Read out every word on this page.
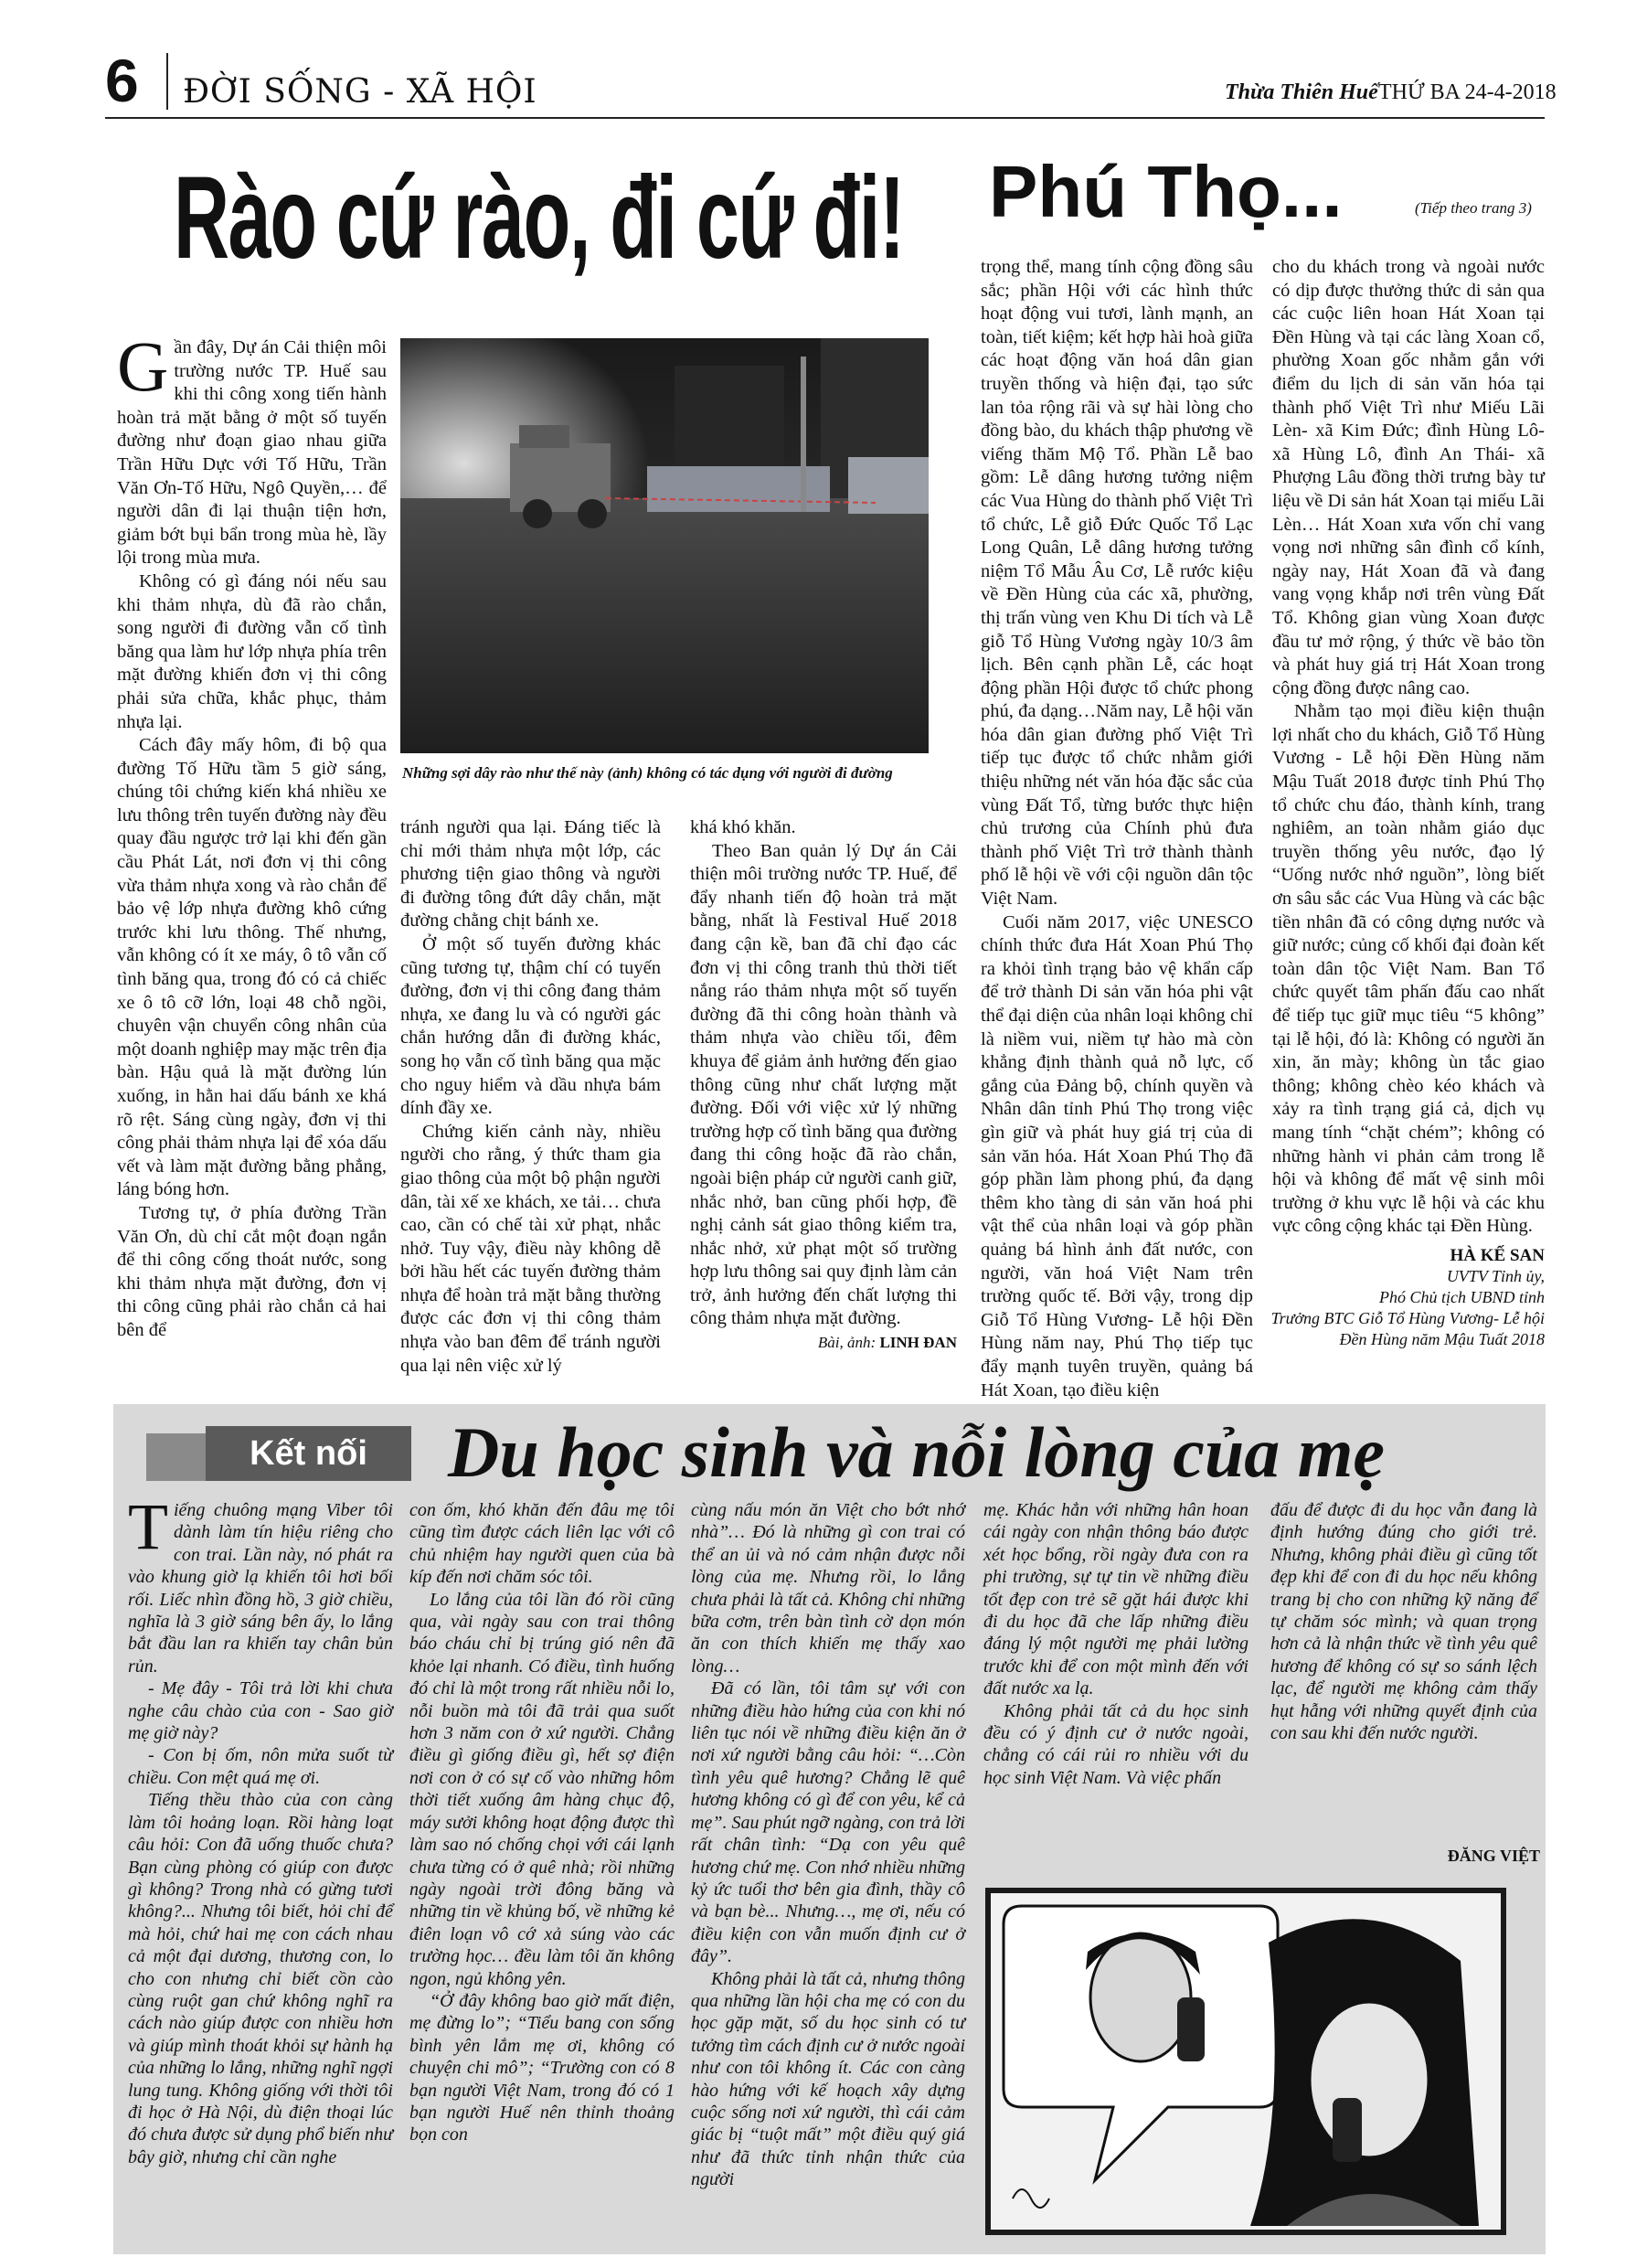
6 ĐỜI SỐNG - XÃ HỘI	Thừa Thiên Huế THỨ BA 24-4-2018
Rào cứ rào, đi cứ đi!

Gần đây, Dự án Cải thiện môi trường nước TP. Huế sau khi thi công xong tiến hành hoàn trả mặt bằng ở một số tuyến đường như đoạn giao nhau giữa Trần Hữu Dực với Tố Hữu, Trần Văn Ơn-Tố Hữu, Ngô Quyền,… để người dân đi lại thuận tiện hơn, giảm bớt bụi bẩn trong mùa hè, lầy lội trong mùa mưa.

Không có gì đáng nói nếu sau khi thảm nhựa, dù đã rào chắn, song người đi đường vẫn cố tình băng qua làm hư lớp nhựa phía trên mặt đường khiến đơn vị thi công phải sửa chữa, khắc phục, thảm nhựa lại.

Cách đây mấy hôm, đi bộ qua đường Tố Hữu tầm 5 giờ sáng, chúng tôi chứng kiến khá nhiều xe lưu thông trên tuyến đường này đều quay đầu ngược trở lại khi đến gần cầu Phát Lát, nơi đơn vị thi công vừa thảm nhựa xong và rào chắn để bảo vệ lớp nhựa đường khô cứng trước khi lưu thông. Thế nhưng, vẫn không có ít xe máy, ô tô vẫn cố tình băng qua, trong đó có cả chiếc xe ô tô cỡ lớn, loại 48 chỗ ngồi, chuyên vận chuyển công nhân của một doanh nghiệp may mặc trên địa bàn. Hậu quả là mặt đường lún xuống, in hằn hai dấu bánh xe khá rõ rệt. Sáng cùng ngày, đơn vị thi công phải thảm nhựa lại để xóa dấu vết và làm mặt đường bằng phẳng, láng bóng hơn.

Tương tự, ở phía đường Trần Văn Ơn, dù chỉ cắt một đoạn ngắn để thi công cống thoát nước, song khi thảm nhựa mặt đường, đơn vị thi công cũng phải rào chắn cả hai bên để

Những sợi dây rào như thế này (ảnh) không có tác dụng với người đi đường

tránh người qua lại. Đáng tiếc là chỉ mới thảm nhựa một lớp, các phương tiện giao thông và người đi đường tông đứt dây chắn, mặt đường chằng chịt bánh xe.

Ở một số tuyến đường khác cũng tương tự, thậm chí có tuyến đường, đơn vị thi công đang thảm nhựa, xe đang lu và có người gác chắn hướng dẫn đi đường khác, song họ vẫn cố tình băng qua mặc cho nguy hiểm và dầu nhựa bám dính đầy xe.

Chứng kiến cảnh này, nhiều người cho rằng, ý thức tham gia giao thông của một bộ phận người dân, tài xế xe khách, xe tải… chưa cao, cần có chế tài xử phạt, nhắc nhở. Tuy vậy, điều này không dễ bởi hầu hết các tuyến đường thảm nhựa để hoàn trả mặt bằng thường được các đơn vị thi công thảm nhựa vào ban đêm để tránh người qua lại nên việc xử lý

khá khó khăn.

Theo Ban quản lý Dự án Cải thiện môi trường nước TP. Huế, để đẩy nhanh tiến độ hoàn trả mặt bằng, nhất là Festival Huế 2018 đang cận kề, ban đã chỉ đạo các đơn vị thi công tranh thủ thời tiết nắng ráo thảm nhựa một số tuyến đường đã thi công hoàn thành và thảm nhựa vào chiều tối, đêm khuya để giảm ảnh hưởng đến giao thông cũng như chất lượng mặt đường. Đối với việc xử lý những trường hợp cố tình băng qua đường đang thi công hoặc đã rào chắn, ngoài biện pháp cử người canh giữ, nhắc nhở, ban cũng phối hợp, đề nghị cảnh sát giao thông kiểm tra, nhắc nhở, xử phạt một số trường hợp lưu thông sai quy định làm cản trở, ảnh hưởng đến chất lượng thi công thảm nhựa mặt đường.

Bài, ảnh: LINH ĐAN
Phú Thọ...	(Tiếp theo trang 3)

trọng thể, mang tính cộng đồng sâu sắc; phần Hội với các hình thức hoạt động vui tươi, lành mạnh, an toàn, tiết kiệm; kết hợp hài hoà giữa các hoạt động văn hoá dân gian truyền thống và hiện đại, tạo sức lan tỏa rộng rãi và sự hài lòng cho đồng bào, du khách thập phương về viếng thăm Mộ Tổ. Phần Lễ bao gồm: Lễ dâng hương tưởng niệm các Vua Hùng do thành phố Việt Trì tổ chức, Lễ giỗ Đức Quốc Tổ Lạc Long Quân, Lễ dâng hương tưởng niệm Tổ Mẫu Âu Cơ, Lễ rước kiệu về Đền Hùng của các xã, phường, thị trấn vùng ven Khu Di tích và Lễ giỗ Tổ Hùng Vương ngày 10/3 âm lịch. Bên cạnh phần Lễ, các hoạt động phần Hội được tổ chức phong phú, đa dạng…Năm nay, Lễ hội văn hóa dân gian đường phố Việt Trì tiếp tục được tổ chức nhằm giới thiệu những nét văn hóa đặc sắc của vùng Đất Tổ, từng bước thực hiện chủ trương của Chính phủ đưa thành phố Việt Trì trở thành thành phố lễ hội về với cội nguồn dân tộc Việt Nam.

Cuối năm 2017, việc UNESCO chính thức đưa Hát Xoan Phú Thọ ra khỏi tình trạng bảo vệ khẩn cấp để trở thành Di sản văn hóa phi vật thể đại diện của nhân loại không chỉ là niềm vui, niềm tự hào mà còn khẳng định thành quả nỗ lực, cố gắng của Đảng bộ, chính quyền và Nhân dân tỉnh Phú Thọ trong việc gìn giữ và phát huy giá trị của di sản văn hóa. Hát Xoan Phú Thọ đã góp phần làm phong phú, đa dạng thêm kho tàng di sản văn hoá phi vật thể của nhân loại và góp phần quảng bá hình ảnh đất nước, con người, văn hoá Việt Nam trên trường quốc tế. Bởi vậy, trong dịp Giỗ Tổ Hùng Vương- Lễ hội Đền Hùng năm nay, Phú Thọ tiếp tục đẩy mạnh tuyên truyền, quảng bá Hát Xoan, tạo điều kiện

cho du khách trong và ngoài nước có dịp được thưởng thức di sản qua các cuộc liên hoan Hát Xoan tại Đền Hùng và tại các làng Xoan cổ, phường Xoan gốc nhằm gắn với điểm du lịch di sản văn hóa tại thành phố Việt Trì như Miếu Lãi Lèn- xã Kim Đức; đình Hùng Lô- xã Hùng Lô, đình An Thái- xã Phượng Lâu đồng thời trưng bày tư liệu về Di sản hát Xoan tại miếu Lãi Lèn… Hát Xoan xưa vốn chỉ vang vọng nơi những sân đình cổ kính, ngày nay, Hát Xoan đã và đang vang vọng khắp nơi trên vùng Đất Tổ. Không gian vùng Xoan được đầu tư mở rộng, ý thức về bảo tồn và phát huy giá trị Hát Xoan trong cộng đồng được nâng cao.

Nhằm tạo mọi điều kiện thuận lợi nhất cho du khách, Giỗ Tổ Hùng Vương - Lễ hội Đền Hùng năm Mậu Tuất 2018 được tỉnh Phú Thọ tổ chức chu đáo, thành kính, trang nghiêm, an toàn nhằm giáo dục truyền thống yêu nước, đạo lý “Uống nước nhớ nguồn”, lòng biết ơn sâu sắc các Vua Hùng và các bậc tiền nhân đã có công dựng nước và giữ nước; củng cố khối đại đoàn kết toàn dân tộc Việt Nam. Ban Tổ chức quyết tâm phấn đấu cao nhất để tiếp tục giữ mục tiêu “5 không” tại lễ hội, đó là: Không có người ăn xin, ăn mày; không ùn tắc giao thông; không chèo kéo khách và xảy ra tình trạng giá cả, dịch vụ mang tính “chặt chém”; không có những hành vi phản cảm trong lễ hội và không để mất vệ sinh môi trường ở khu vực lễ hội và các khu vực công cộng khác tại Đền Hùng.

HÀ KẾ SAN
UVTV Tỉnh ủy,
Phó Chủ tịch UBND tỉnh
Trưởng BTC Giỗ Tổ Hùng Vương- Lễ hội Đền Hùng năm Mậu Tuất 2018
Kết nối	Du học sinh và nỗi lòng của mẹ

Tiếng chuông mạng Viber tôi dành làm tín hiệu riêng cho con trai. Lần này, nó phát ra vào khung giờ lạ khiến tôi hơi bối rối. Liếc nhìn đồng hồ, 3 giờ chiều, nghĩa là 3 giờ sáng bên ấy, lo lắng bắt đầu lan ra khiến tay chân bủn rủn.

- Mẹ đây - Tôi trả lời khi chưa nghe câu chào của con - Sao giờ mẹ giờ này?

- Con bị ốm, nôn mửa suốt từ chiều. Con mệt quá mẹ ơi.

Tiếng thều thào của con càng làm tôi hoảng loạn. Rồi hàng loạt câu hỏi: Con đã uống thuốc chưa? Bạn cùng phòng có giúp con được gì không? Trong nhà có gừng tươi không?... Nhưng tôi biết, hỏi chỉ để mà hỏi, chứ hai mẹ con cách nhau cả một đại dương, thương con, lo cho con nhưng chỉ biết cồn cào cùng ruột gan chứ không nghĩ ra cách nào giúp được con nhiều hơn và giúp mình thoát khỏi sự hành hạ của những lo lắng, những nghĩ ngợi lung tung. Không giống với thời tôi đi học ở Hà Nội, dù điện thoại lúc đó chưa được sử dụng phổ biến như bây giờ, nhưng chỉ cần nghe

con ốm, khó khăn đến đâu mẹ tôi cũng tìm được cách liên lạc với cô chủ nhiệm hay người quen của bà kíp đến nơi chăm sóc tôi.

Lo lắng của tôi lần đó rồi cũng qua, vài ngày sau con trai thông báo cháu chỉ bị trúng gió nên đã khỏe lại nhanh. Có điều, tình huống đó chỉ là một trong rất nhiều nỗi lo, nỗi buồn mà tôi đã trải qua suốt hơn 3 năm con ở xứ người. Chẳng điều gì giống điều gì, hết sợ điện nơi con ở có sự cố vào những hôm thời tiết xuống âm hàng chục độ, máy sưởi không hoạt động được thì làm sao nó chống chọi với cái lạnh chưa từng có ở quê nhà; rồi những ngày ngoài trời đông băng và những tin về khủng bố, về những kẻ điên loạn vô cớ xả súng vào các trường học… đều làm tôi ăn không ngon, ngủ không yên.

“Ở đây không bao giờ mất điện, mẹ đừng lo”; “Tiểu bang con sống bình yên lắm mẹ ơi, không có chuyện chi mô”; “Trường con có 8 bạn người Việt Nam, trong đó có 1 bạn người Huế nên thỉnh thoảng bọn con

cùng nấu món ăn Việt cho bớt nhớ nhà”… Đó là những gì con trai có thể an ủi và nó cảm nhận được nỗi lòng của mẹ. Nhưng rồi, lo lắng chưa phải là tất cả. Không chỉ những bữa cơm, trên bàn tình cờ dọn món ăn con thích khiến mẹ thấy xao lòng…

Đã có lần, tôi tâm sự với con những điều hào hứng của con khi nó liên tục nói về những điều kiện ăn ở nơi xứ người bằng câu hỏi: “…Còn tình yêu quê hương? Chẳng lẽ quê hương không có gì để con yêu, kể cả mẹ”. Sau phút ngỡ ngàng, con trả lời rất chân tình: “Dạ con yêu quê hương chứ mẹ. Con nhớ nhiều những kỷ ức tuổi thơ bên gia đình, thầy cô và bạn bè... Nhưng…, mẹ ơi, nếu có điều kiện con vẫn muốn định cư ở đây”.

Không phải là tất cả, nhưng thông qua những lần hội cha mẹ có con du học gặp mặt, số du học sinh có tư tưởng tìm cách định cư ở nước ngoài như con tôi không ít. Các con càng hào hứng với kế hoạch xây dựng cuộc sống nơi xứ người, thì cái cảm giác bị “tuột mất” một điều quý giá như đã thức tỉnh nhận thức của người

mẹ. Khác hẳn với những hân hoan cái ngày con nhận thông báo được xét học bổng, rồi ngày đưa con ra phi trường, sự tự tin về những điều tốt đẹp con trẻ sẽ gặt hái được khi đi du học đã che lấp những điều đáng lý một người mẹ phải lường trước khi để con một mình đến với đất nước xa lạ.

Không phải tất cả du học sinh đều có ý định cư ở nước ngoài, chẳng có cái rủi ro nhiều với du học sinh Việt Nam. Và việc phấn

đấu để được đi du học vẫn đang là định hướng đúng cho giới trẻ. Nhưng, không phải điều gì cũng tốt đẹp khi để con đi du học nếu không trang bị cho con những kỹ năng để tự chăm sóc mình; và quan trọng hơn cả là nhận thức về tình yêu quê hương để không có sự so sánh lệch lạc, để người mẹ không cảm thấy hụt hẫng với những quyết định của con sau khi đến nước người.

ĐĂNG VIỆT
